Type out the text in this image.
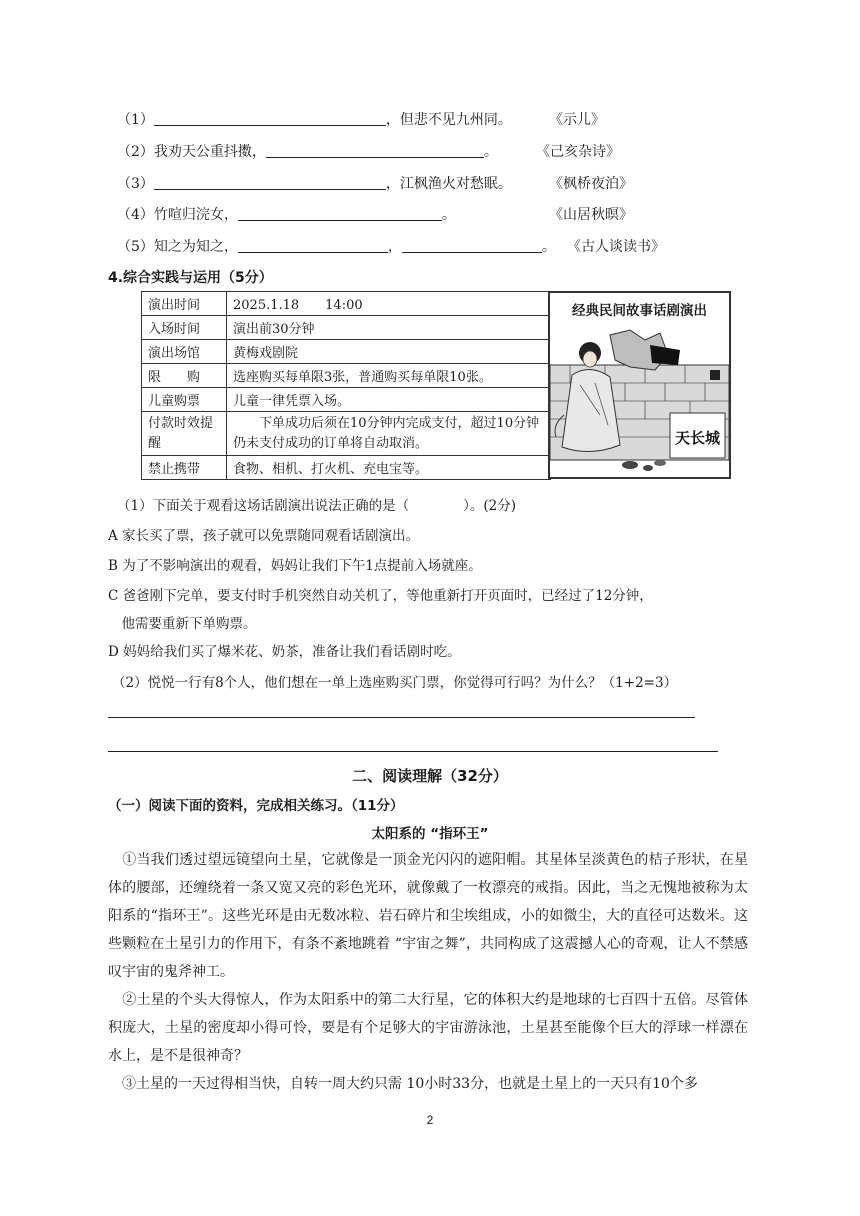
（1）	，但悲不见九州同。	《示儿》
（2）我劝天公重抖擞，	。	《己亥杂诗》
（3）	，江枫渔火对愁眠。	《枫桥夜泊》
（4）竹喧归浣女，	。	《山居秋暝》
（5）知之为知之，	，	。 《古人谈读书》
4.综合实践与运用（5分）
演出时间	2025.1.18　　14:00
入场时间	演出前30分钟
演出场馆	黄梅戏剧院
限　　购	选座购买每单限3张，普通购买每单限10张。
儿童购票	儿童一律凭票入场。
付款时效提醒	　　下单成功后须在10分钟内完成支付，超过10分钟仍未支付成功的订单将自动取消。
禁止携带	食物、相机、打火机、充电宝等。
经典民间故事话剧演出
天长城
（1）下面关于观看这场话剧演出说法正确的是（　　　　）。(2分)
A 家长买了票，孩子就可以免票随同观看话剧演出。
B 为了不影响演出的观看，妈妈让我们下午1点提前入场就座。
C 爸爸刚下完单，要支付时手机突然自动关机了，等他重新打开页面时，已经过了12分钟，
　他需要重新下单购票。
D 妈妈给我们买了爆米花、奶茶，准备让我们看话剧时吃。
（2）悦悦一行有8个人，他们想在一单上选座购买门票，你觉得可行吗？为什么？（1+2=3）
二、阅读理解（32分）
（一）阅读下面的资料，完成相关练习。（11分）
太阳系的 “指环王”

　①当我们透过望远镜望向土星，它就像是一顶金光闪闪的遮阳帽。其星体呈淡黄色的桔子形状，在星体的腰部，还缠绕着一条又宽又亮的彩色光环，就像戴了一枚漂亮的戒指。因此，当之无愧地被称为太阳系的“指环王”。这些光环是由无数冰粒、岩石碎片和尘埃组成，小的如微尘，大的直径可达数米。这些颗粒在土星引力的作用下，有条不紊地跳着 “宇宙之舞”，共同构成了这震撼人心的奇观，让人不禁感叹宇宙的鬼斧神工。

　②土星的个头大得惊人，作为太阳系中的第二大行星，它的体积大约是地球的七百四十五倍。尽管体积庞大，土星的密度却小得可怜，要是有个足够大的宇宙游泳池，土星甚至能像个巨大的浮球一样漂在水上，是不是很神奇？

　③土星的一天过得相当快，自转一周大约只需 10小时33分，也就是土星上的一天只有10个多

2
